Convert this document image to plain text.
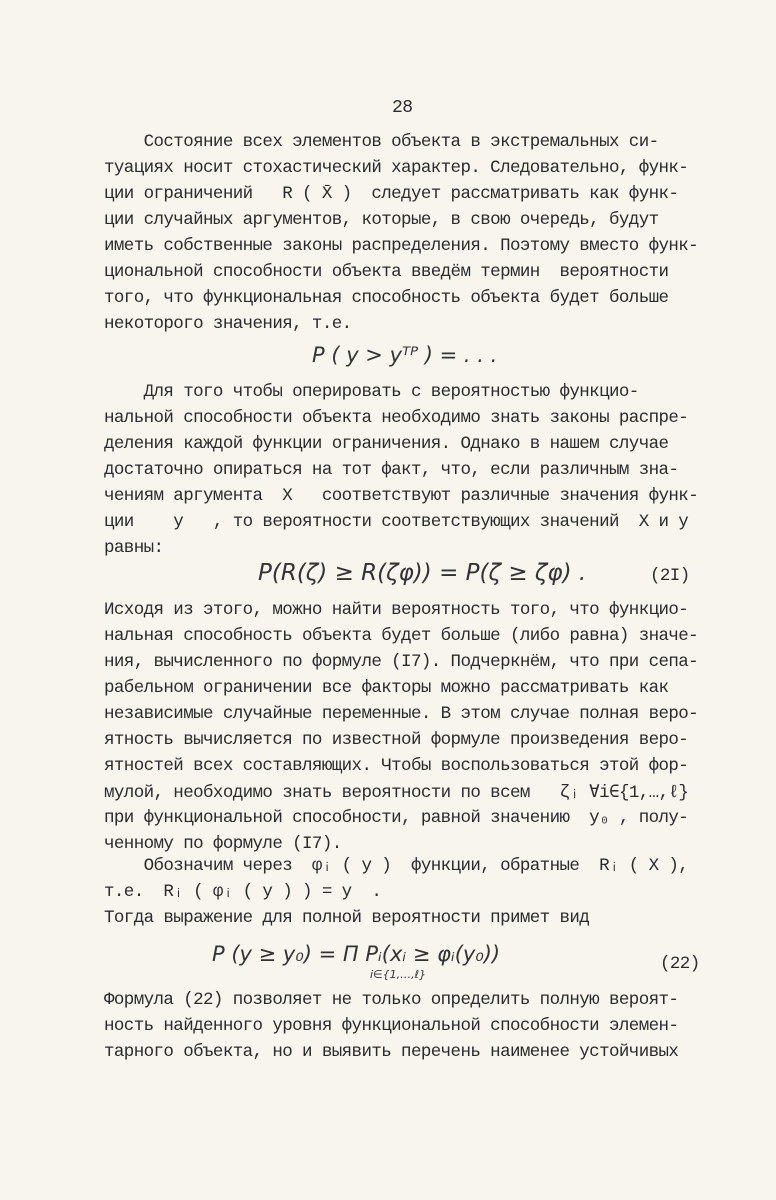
28

Состояние всех элементов объекта в экстремальных си-

туациях носит стохастический характер. Следовательно, функ-

ции ограничений   R ( X̄ )  следует рассматривать как функ-

ции случайных аргументов, которые, в свою очередь, будут

иметь собственные законы распределения. Поэтому вместо функ-

циональной способности объекта введём термин  вероятности

того, что функциональная способность объекта будет больше

некоторого значения, т.е.

P ( y > yᵀᴾ ) = . . .

Для того чтобы оперировать с вероятностью функцио-

нальной способности объекта необходимо знать законы распре-

деления каждой функции ограничения. Однако в нашем случае

достаточно опираться на тот факт, что, если различным зна-

чениям аргумента  X   соответствуют различные значения функ-

ции    y   , то вероятности соответствующих значений  X и y

равны:

P(R(ζ) ≥ R(ζφ)) = P(ζ ≥ ζφ) .	(2I)

Исходя из этого, можно найти вероятность того, что функцио-

нальная способность объекта будет больше (либо равна) значе-

ния, вычисленного по формуле (I7). Подчеркнём, что при сепа-

рабельном ограничении все факторы можно рассматривать как

независимые случайные переменные. В этом случае полная веро-

ятность вычисляется по известной формуле произведения веро-

ятностей всех составляющих. Чтобы воспользоваться этой фор-

мулой, необходимо знать вероятности по всем   ζᵢ ∀i∈{1,…,ℓ}

при функциональной способности, равной значению  y₀ , полу-

ченному по формуле (I7).

Обозначим через  φᵢ ( y )  функции, обратные  Rᵢ ( X ),

т.е.  Rᵢ ( φᵢ ( y ) ) = y  .

Тогда выражение для полной вероятности примет вид

P (y ≥ y₀) = Π Pᵢ(xᵢ ≥ φᵢ(y₀))
i∈{1,…,ℓ}
(22)

Формула (22) позволяет не только определить полную вероят-

ность найденного уровня функциональной способности элемен-

тарного объекта, но и выявить перечень наименее устойчивых
